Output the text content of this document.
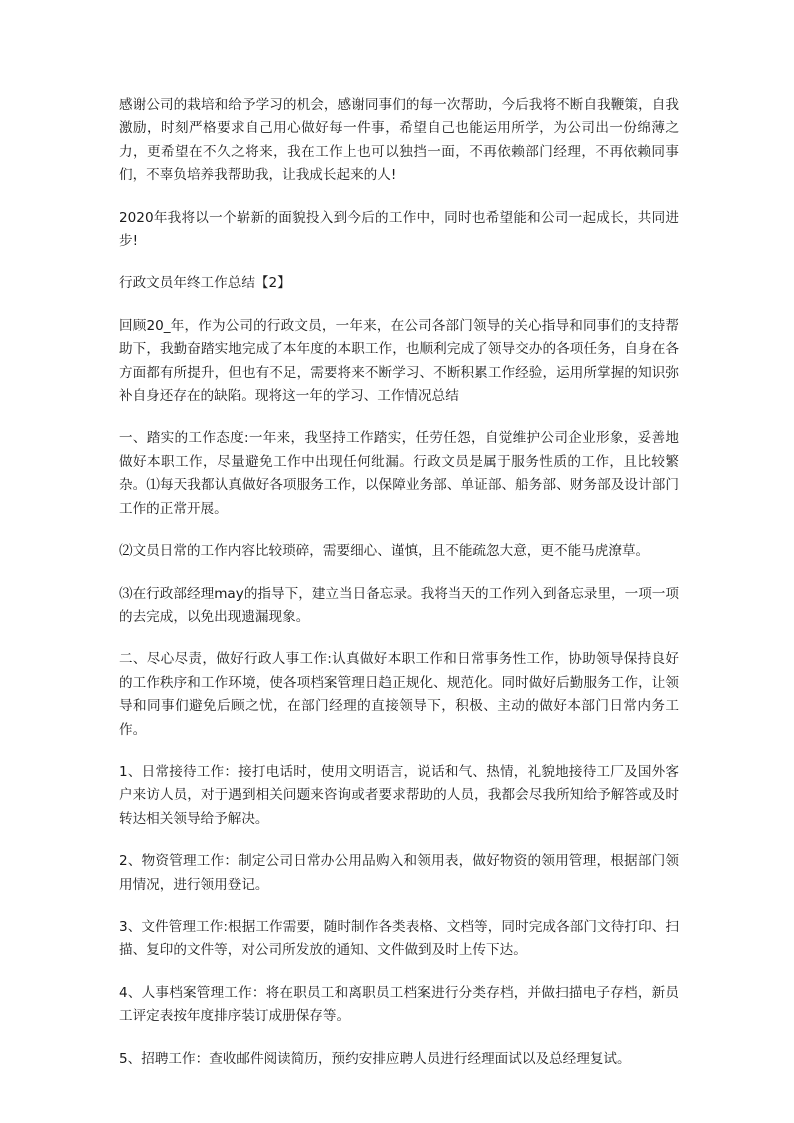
感谢公司的栽培和给予学习的机会，感谢同事们的每一次帮助，今后我将不断自我鞭策，自我激励，时刻严格要求自己用心做好每一件事，希望自己也能运用所学，为公司出一份绵薄之力，更希望在不久之将来，我在工作上也可以独挡一面，不再依赖部门经理，不再依赖同事们，不辜负培养我帮助我，让我成长起来的人!

2020年我将以一个崭新的面貌投入到今后的工作中，同时也希望能和公司一起成长，共同进步!

行政文员年终工作总结【2】

回顾20_年，作为公司的行政文员，一年来，在公司各部门领导的关心指导和同事们的支持帮助下，我勤奋踏实地完成了本年度的本职工作，也顺利完成了领导交办的各项任务，自身在各方面都有所提升，但也有不足，需要将来不断学习、不断积累工作经验，运用所掌握的知识弥补自身还存在的缺陷。现将这一年的学习、工作情况总结

一、踏实的工作态度:一年来，我坚持工作踏实，任劳任怨，自觉维护公司企业形象，妥善地做好本职工作，尽量避免工作中出现任何纰漏。行政文员是属于服务性质的工作，且比较繁杂。⑴每天我都认真做好各项服务工作，以保障业务部、单证部、船务部、财务部及设计部门工作的正常开展。

⑵文员日常的工作内容比较琐碎，需要细心、谨慎，且不能疏忽大意，更不能马虎潦草。

⑶在行政部经理may的指导下，建立当日备忘录。我将当天的工作列入到备忘录里，一项一项的去完成，以免出现遗漏现象。

二、尽心尽责，做好行政人事工作:认真做好本职工作和日常事务性工作，协助领导保持良好的工作秩序和工作环境，使各项档案管理日趋正规化、规范化。同时做好后勤服务工作，让领导和同事们避免后顾之忧，在部门经理的直接领导下，积极、主动的做好本部门日常内务工作。

1、日常接待工作：接打电话时，使用文明语言，说话和气、热情，礼貌地接待工厂及国外客户来访人员，对于遇到相关问题来咨询或者要求帮助的人员，我都会尽我所知给予解答或及时转达相关领导给予解决。

2、物资管理工作：制定公司日常办公用品购入和领用表，做好物资的领用管理，根据部门领用情况，进行领用登记。

3、文件管理工作:根据工作需要，随时制作各类表格、文档等，同时完成各部门文待打印、扫描、复印的文件等，对公司所发放的通知、文件做到及时上传下达。

4、人事档案管理工作：将在职员工和离职员工档案进行分类存档，并做扫描电子存档，新员工评定表按年度排序装订成册保存等。

5、招聘工作：查收邮件阅读简历，预约安排应聘人员进行经理面试以及总经理复试。
